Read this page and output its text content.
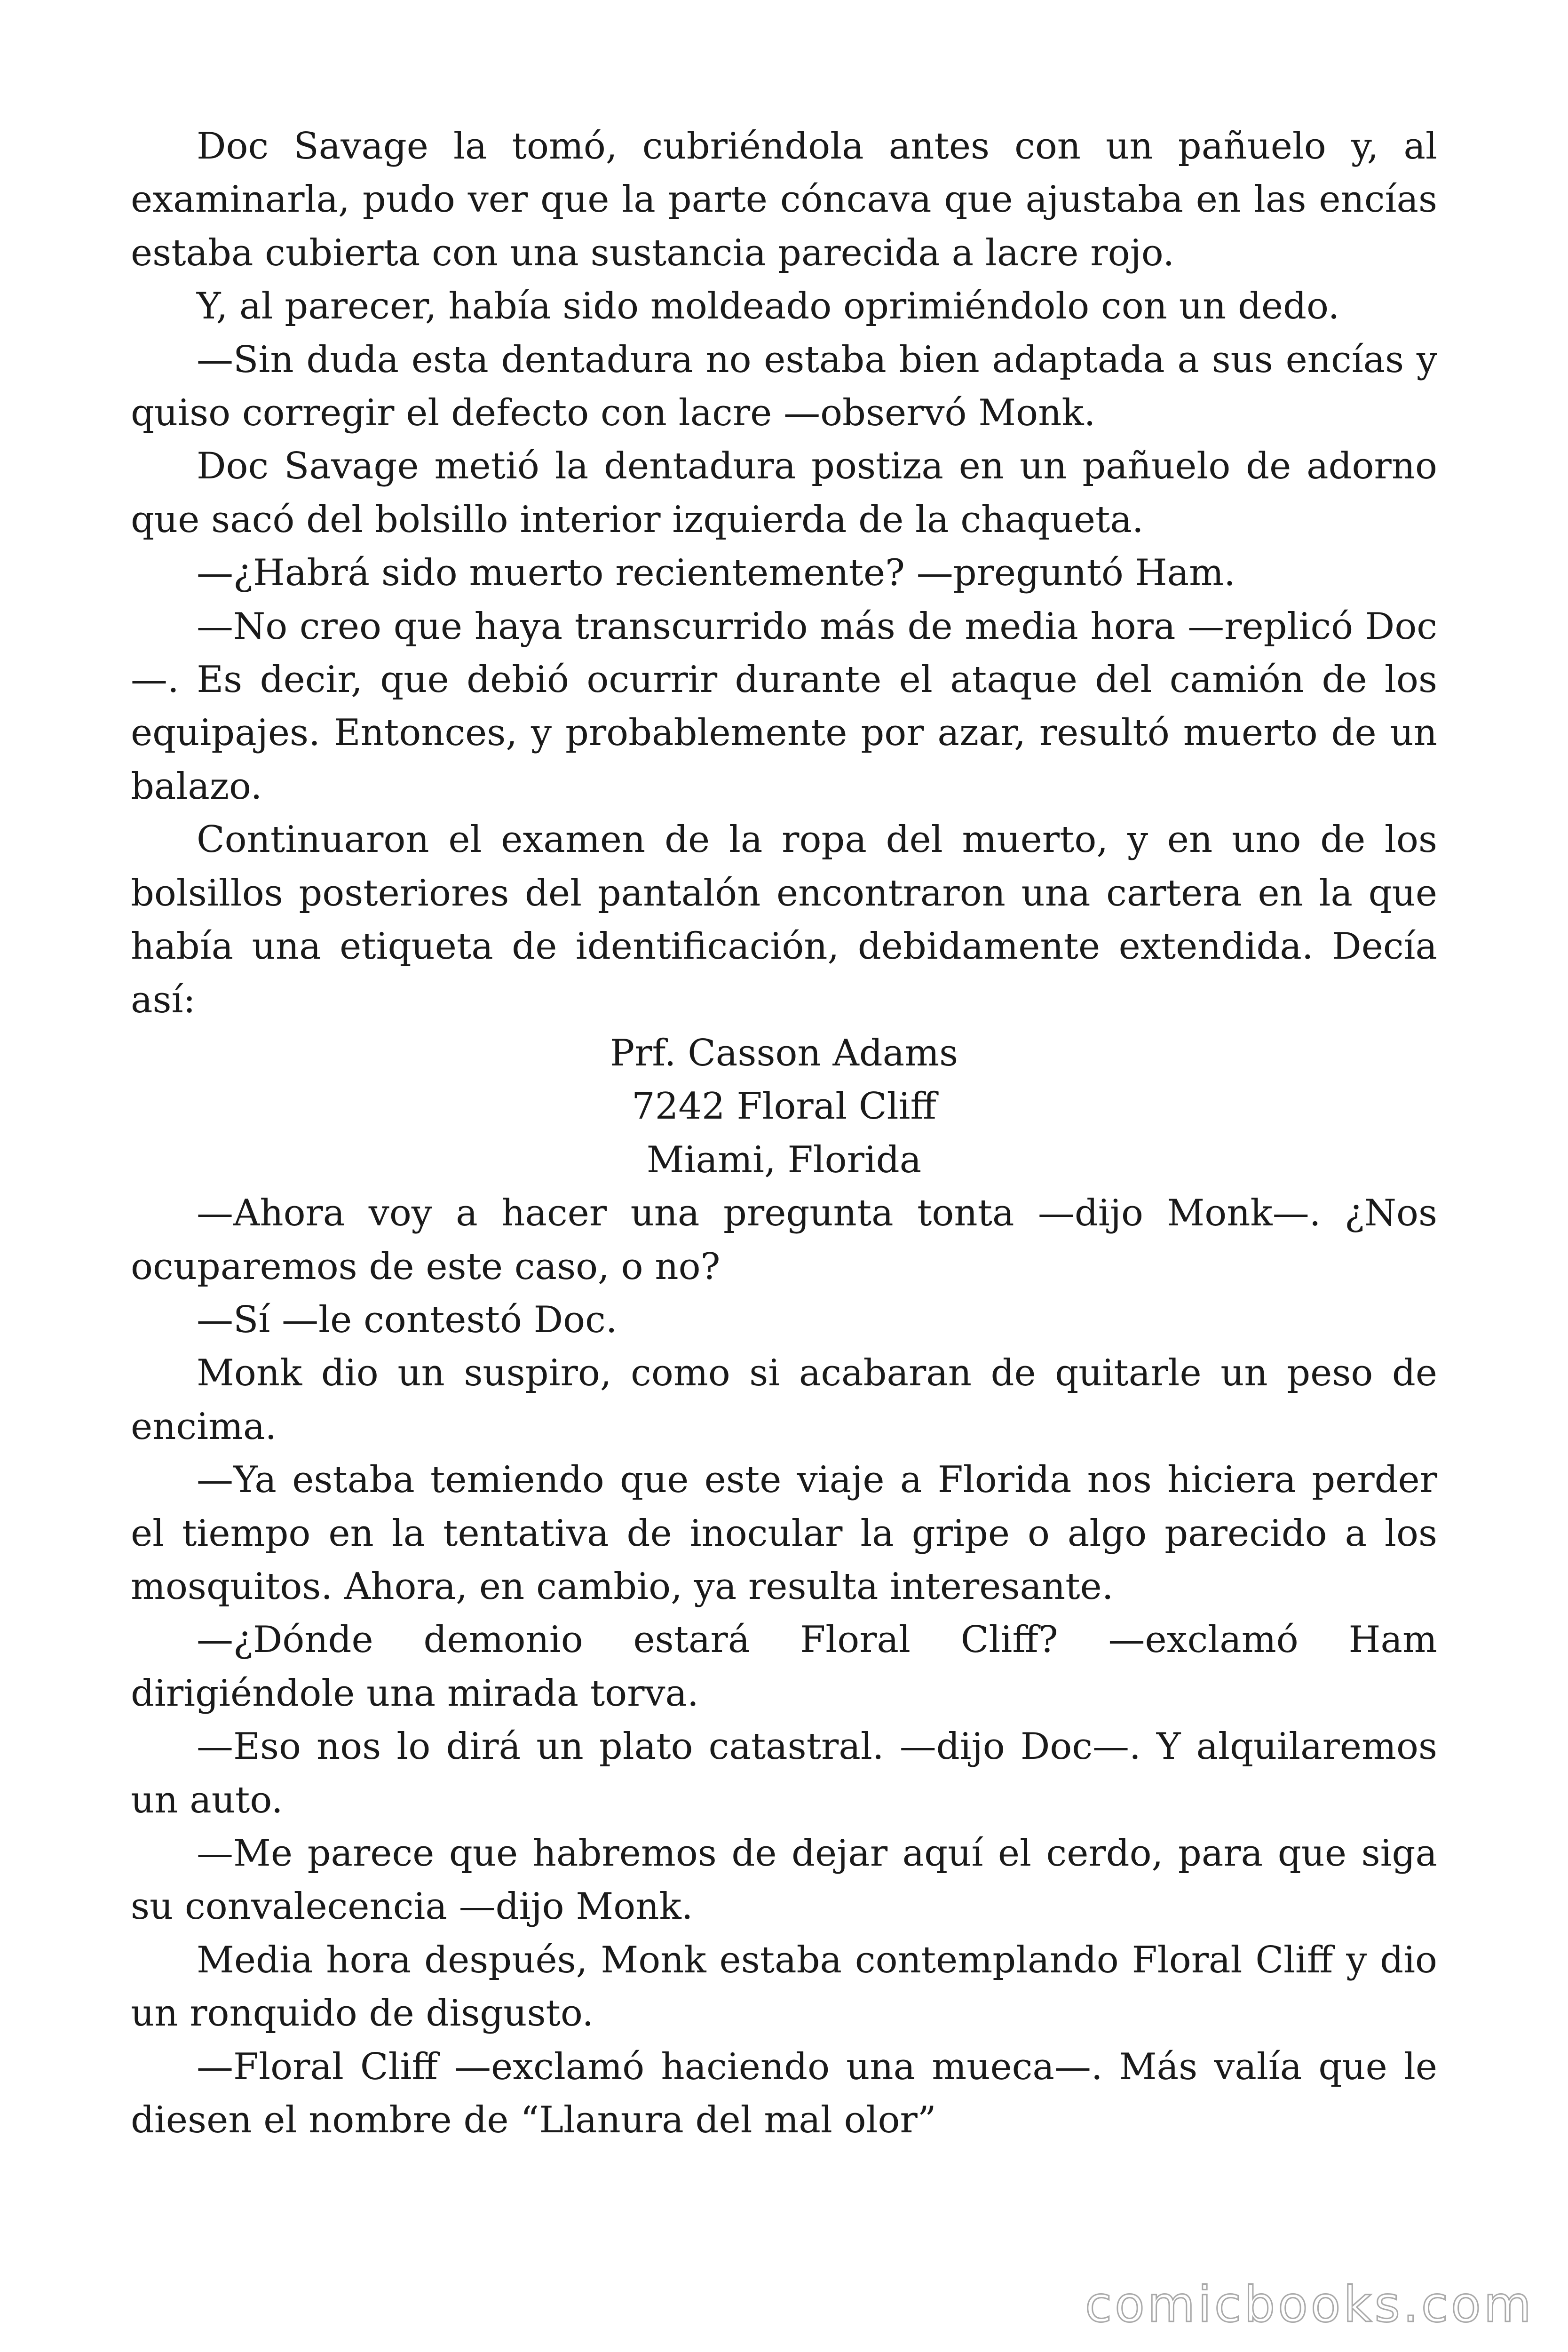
Doc Savage la tomó, cubriéndola antes con un pañuelo y, al examinarla, pudo ver que la parte cóncava que ajustaba en las encías estaba cubierta con una sustancia parecida a lacre rojo.

Y, al parecer, había sido moldeado oprimiéndolo con un dedo.

—Sin duda esta dentadura no estaba bien adaptada a sus encías y quiso corregir el defecto con lacre —observó Monk.

Doc Savage metió la dentadura postiza en un pañuelo de adorno que sacó del bolsillo interior izquierda de la chaqueta.

—¿Habrá sido muerto recientemente? —preguntó Ham.

—No creo que haya transcurrido más de media hora —replicó Doc—. Es decir, que debió ocurrir durante el ataque del camión de los equipajes. Entonces, y probablemente por azar, resultó muerto de un balazo.

Continuaron el examen de la ropa del muerto, y en uno de los bolsillos posteriores del pantalón encontraron una cartera en la que había una etiqueta de identificación, debidamente extendida. Decía así:

Prf. Casson Adams

7242 Floral Cliff

Miami, Florida

—Ahora voy a hacer una pregunta tonta —dijo Monk—. ¿Nos ocuparemos de este caso, o no?

—Sí —le contestó Doc.

Monk dio un suspiro, como si acabaran de quitarle un peso de encima.

—Ya estaba temiendo que este viaje a Florida nos hiciera perder el tiempo en la tentativa de inocular la gripe o algo parecido a los mosquitos. Ahora, en cambio, ya resulta interesante.

—¿Dónde demonio estará Floral Cliff? —exclamó Ham dirigiéndole una mirada torva.

—Eso nos lo dirá un plato catastral. —dijo Doc—. Y alquilaremos un auto.

—Me parece que habremos de dejar aquí el cerdo, para que siga su convalecencia —dijo Monk.

Media hora después, Monk estaba contemplando Floral Cliff y dio un ronquido de disgusto.

—Floral Cliff —exclamó haciendo una mueca—. Más valía que le diesen el nombre de “Llanura del mal olor”

comicbooks.com
